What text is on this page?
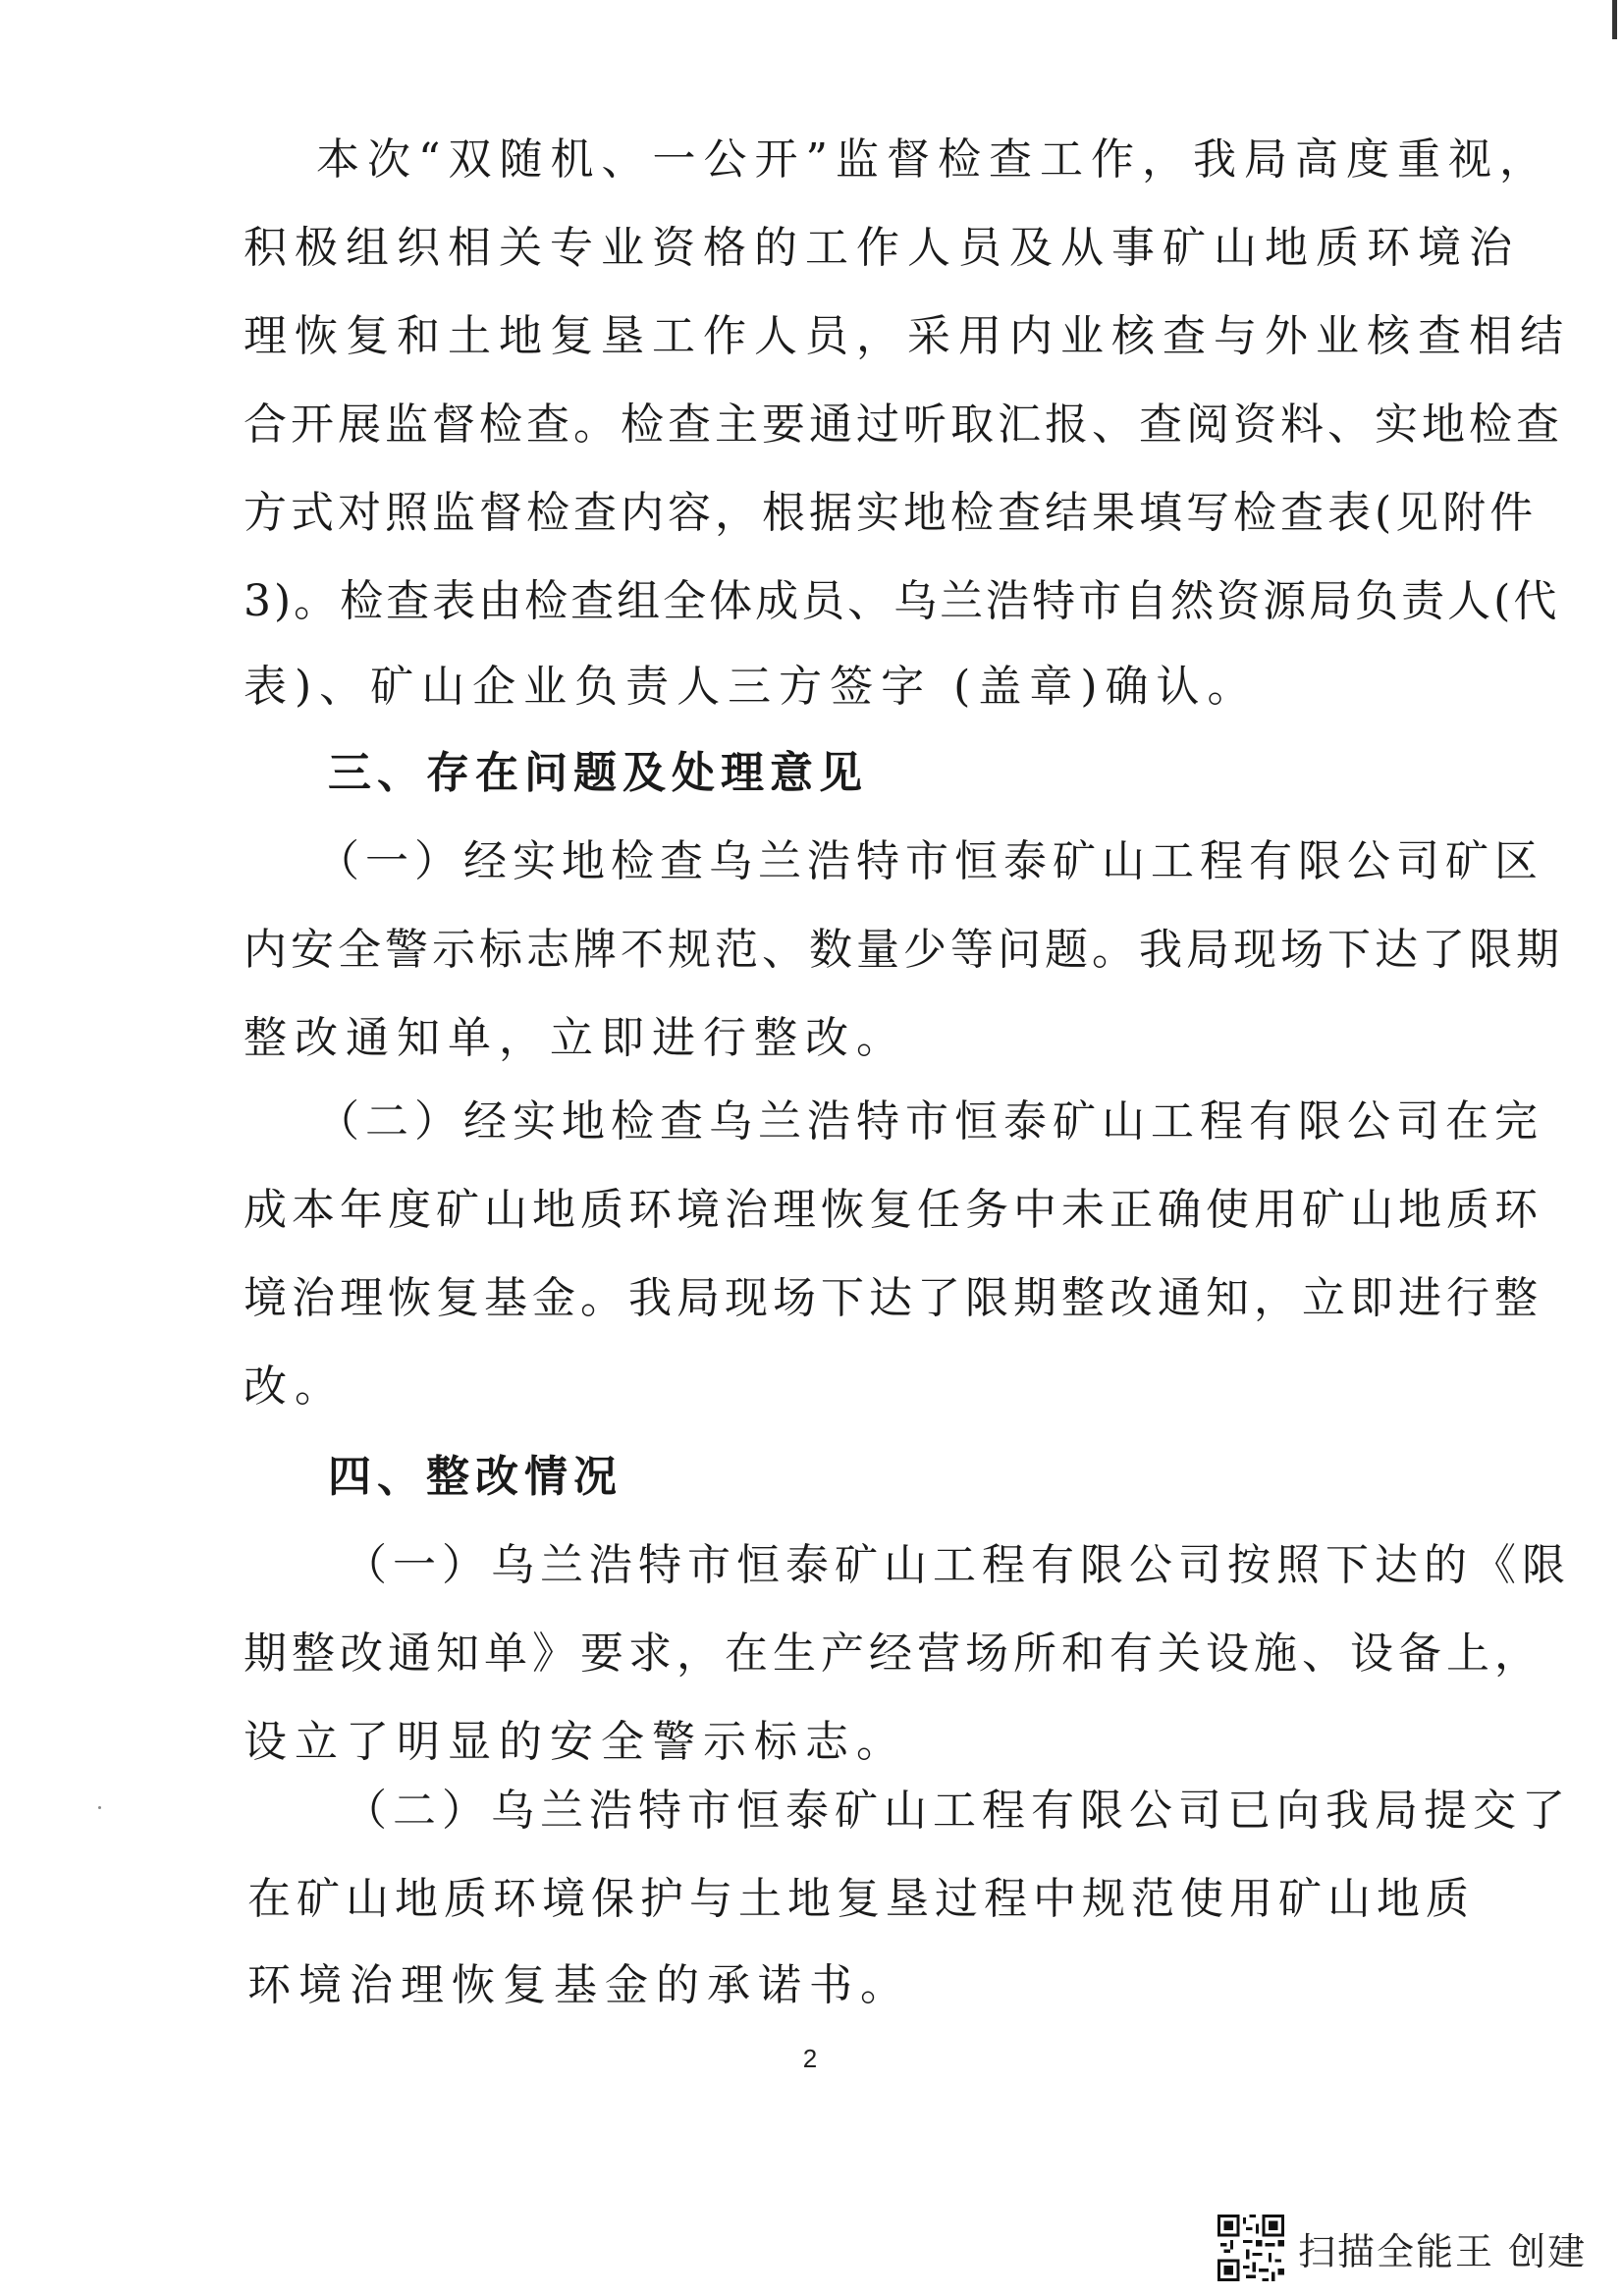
本次“双随机、一公开”监督检查工作，我局高度重视，
积极组织相关专业资格的工作人员及从事矿山地质环境治
理恢复和土地复垦工作人员，采用内业核查与外业核查相结
合开展监督检查。检查主要通过听取汇报、查阅资料、实地检查
方式对照监督检查内容，根据实地检查结果填写检查表(见附件
3)。检查表由检查组全体成员、乌兰浩特市自然资源局负责人(代
表)、矿山企业负责人三方签字 (盖章)确认。
三、存在问题及处理意见
（一）经实地检查乌兰浩特市恒泰矿山工程有限公司矿区
内安全警示标志牌不规范、数量少等问题。我局现场下达了限期
整改通知单，立即进行整改。
（二）经实地检查乌兰浩特市恒泰矿山工程有限公司在完
成本年度矿山地质环境治理恢复任务中未正确使用矿山地质环
境治理恢复基金。我局现场下达了限期整改通知，立即进行整
改。
四、整改情况
（一）乌兰浩特市恒泰矿山工程有限公司按照下达的《限
期整改通知单》要求，在生产经营场所和有关设施、设备上，
设立了明显的安全警示标志。
（二）乌兰浩特市恒泰矿山工程有限公司已向我局提交了
在矿山地质环境保护与土地复垦过程中规范使用矿山地质
环境治理恢复基金的承诺书。
2
扫描全能王 创建
